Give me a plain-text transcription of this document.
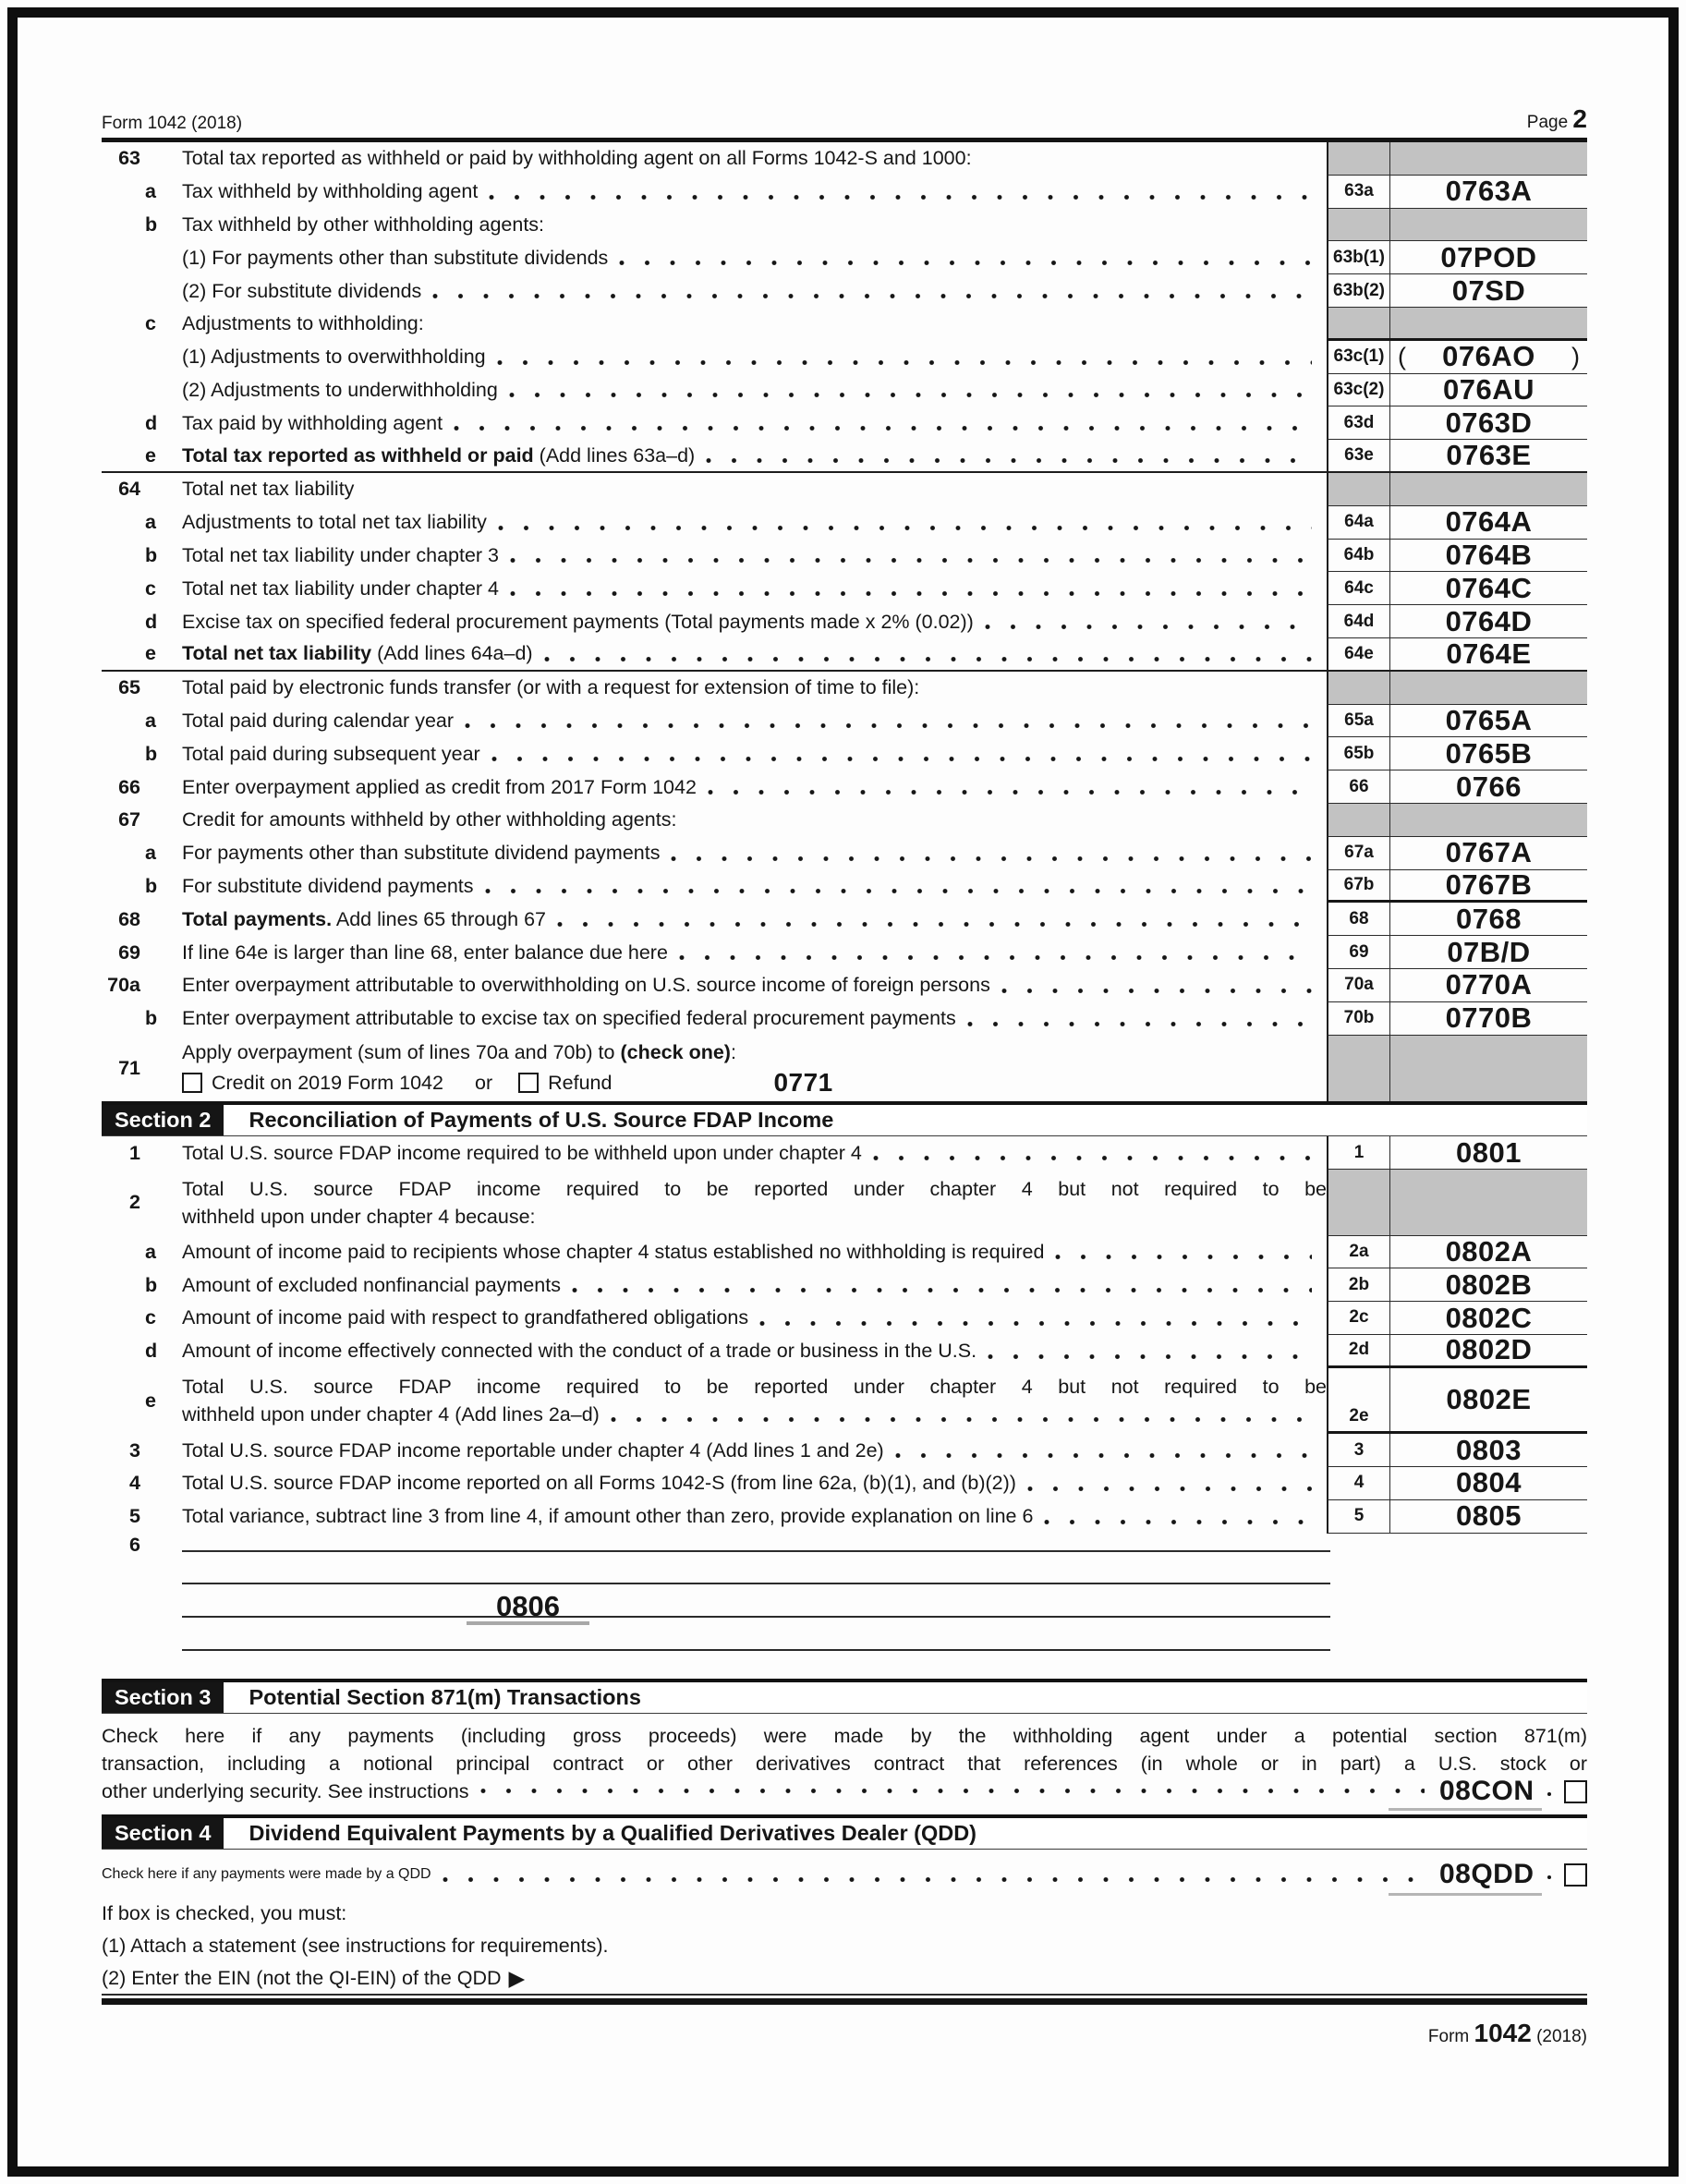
Form 1042 (2018)	Page 2
63 Total tax reported as withheld or paid by withholding agent on all Forms 1042-S and 1000:
a	Tax withheld by withholding agent	63a	0763A
b	Tax withheld by other withholding agents:
(1) For payments other than substitute dividends	63b(1) 07POD
(2) For substitute dividends	63b(2) 07SD
c	Adjustments to withholding:
(1) Adjustments to overwithholding	63c(1) ( 076AO )
(2) Adjustments to underwithholding	63c(2) 076AU
d	Tax paid by withholding agent	63d	0763D
e	Total tax reported as withheld or paid (Add lines 63a–d)	63e	0763E
64 Total net tax liability
a	Adjustments to total net tax liability	64a	0764A
b	Total net tax liability under chapter 3	64b	0764B
c	Total net tax liability under chapter 4	64c	0764C
d	Excise tax on specified federal procurement payments (Total payments made x 2% (0.02))	64d	0764D
e	Total net tax liability (Add lines 64a–d)	64e	0764E
65 Total paid by electronic funds transfer (or with a request for extension of time to file):
a	Total paid during calendar year	65a	0765A
b	Total paid during subsequent year	65b	0765B
66 Enter overpayment applied as credit from 2017 Form 1042	66	0766
67 Credit for amounts withheld by other withholding agents:
a	For payments other than substitute dividend payments	67a	0767A
b	For substitute dividend payments	67b	0767B
68 Total payments. Add lines 65 through 67	68	0768
69 If line 64e is larger than line 68, enter balance due here	69	07B/D
70a Enter overpayment attributable to overwithholding on U.S. source income of foreign persons	70a	0770A
b	Enter overpayment attributable to excise tax on specified federal procurement payments	70b	0770B
71
Apply overpayment (sum of lines 70a and 70b) to (check one):
Credit on 2019 Form 1042 or	Refund	0771
Section 2	Reconciliation of Payments of U.S. Source FDAP Income
1 Total U.S. source FDAP income required to be withheld upon under chapter 4	1	0801
2
Total U.S. source FDAP income required to be reported under chapter 4 but not required to be
withheld upon under chapter 4 because:
a	Amount of income paid to recipients whose chapter 4 status established no withholding is required	2a	0802A
b	Amount of excluded nonfinancial payments	2b	0802B
c	Amount of income paid with respect to grandfathered obligations	2c	0802C
d	Amount of income effectively connected with the conduct of a trade or business in the U.S.	2d	0802D
e
Total U.S. source FDAP income required to be reported under chapter 4 but not required to be
withheld upon under chapter 4 (Add lines 2a–d)	2e
0802E
3 Total U.S. source FDAP income reportable under chapter 4 (Add lines 1 and 2e)	3	0803
4 Total U.S. source FDAP income reported on all Forms 1042-S (from line 62a, (b)(1), and (b)(2))	4	0804
5 Total variance, subtract line 3 from line 4, if amount other than zero, provide explanation on line 6	5	0805
6
0806
Section 3	Potential Section 871(m) Transactions
Check here if any payments (including gross proceeds) were made by the withholding agent under a potential section 871(m)
transaction, including a notional principal contract or other derivatives contract that references (in whole or in part) a U.S. stock or
other underlying security. See instructions	08CON
Section 4	Dividend Equivalent Payments by a Qualified Derivatives Dealer (QDD)
Check here if any payments were made by a QDD	08QDD
If box is checked, you must:
(1) Attach a statement (see instructions for requirements).
(2) Enter the EIN (not the QI-EIN) of the QDD ▶
Form 1042 (2018)
